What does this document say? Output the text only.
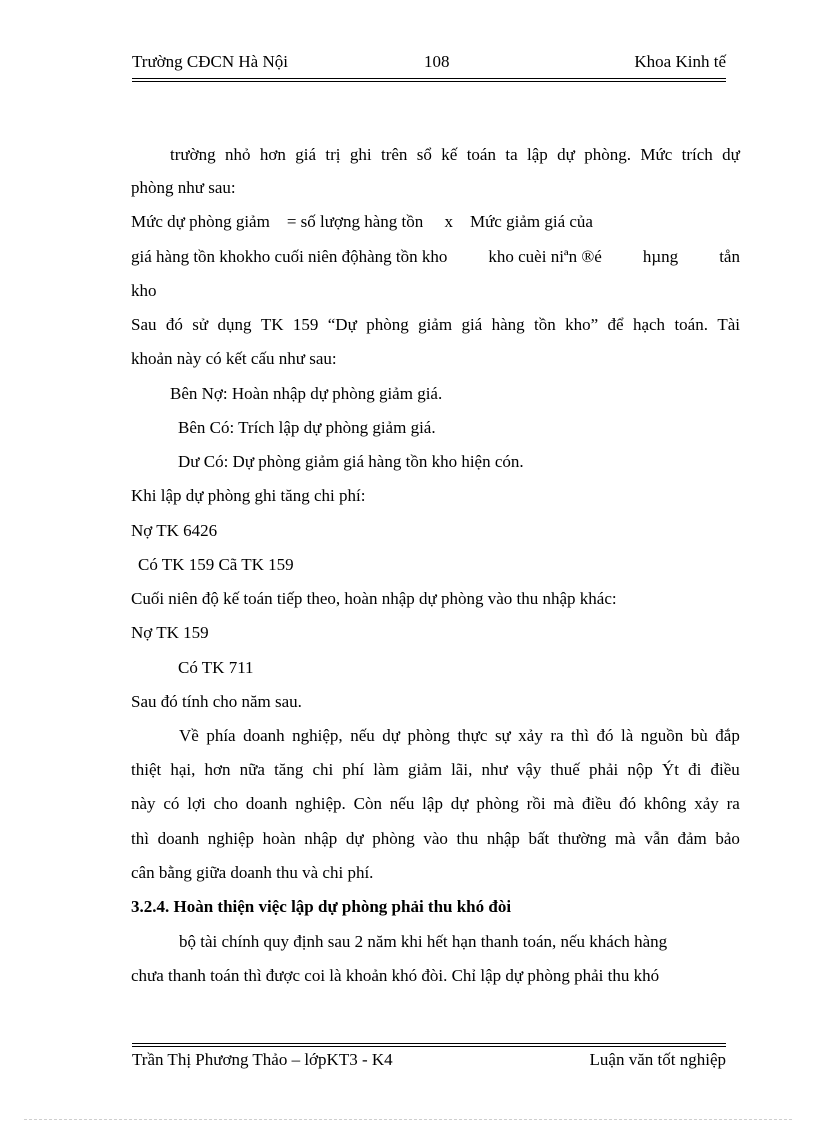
Trường CĐCN Hà Nội	108	Khoa Kinh tế
trường nhỏ hơn giá trị ghi trên sổ kế toán ta lập dự phòng. Mức trích dự
phòng như sau:
Mức dự phòng giảm    = số lượng hàng tồn     x    Mức giảm giá của
giá hàng tồn khokho cuối niên độhàng tồn kho kho cuèi niªn ®é hµng tån
kho
Sau đó sử dụng TK 159 “Dự phòng giảm giá hàng tồn kho” để hạch toán. Tài
khoản này có kết cấu như sau:
Bên Nợ: Hoàn nhập dự phòng giảm giá.
Bên Có: Trích lập dự phòng giảm giá.
Dư Có: Dự phòng giảm giá hàng tồn kho hiện cón.
Khi lập dự phòng ghi tăng chi phí:
Nợ TK 6426
Có TK 159 Cã TK 159
Cuối niên độ kế toán tiếp theo, hoàn nhập dự phòng vào thu nhập khác:
Nợ TK 159
Có TK 711
Sau đó tính cho năm sau.
Về phía doanh nghiệp, nếu dự phòng thực sự xảy ra thì đó là nguồn bù đắp
thiệt hại, hơn nữa tăng chi phí làm giảm lãi, như vậy thuế phải nộp Ýt đi điều
này có lợi cho doanh nghiệp. Còn nếu lập dự phòng rồi mà điều đó không xảy ra
thì doanh nghiệp hoàn nhập dự phòng vào thu nhập bất thường mà vẫn đảm bảo
cân bằng giữa doanh thu và chi phí.
3.2.4. Hoàn thiện việc lập dự phòng phải thu khó đòi
bộ tài chính quy định sau 2 năm khi hết hạn thanh toán, nếu khách hàng
chưa thanh toán thì được coi là khoản khó đòi. Chỉ lập dự phòng phải thu khó
Trần Thị Phương Thảo – lớpKT3 - K4	Luận văn tốt nghiệp
